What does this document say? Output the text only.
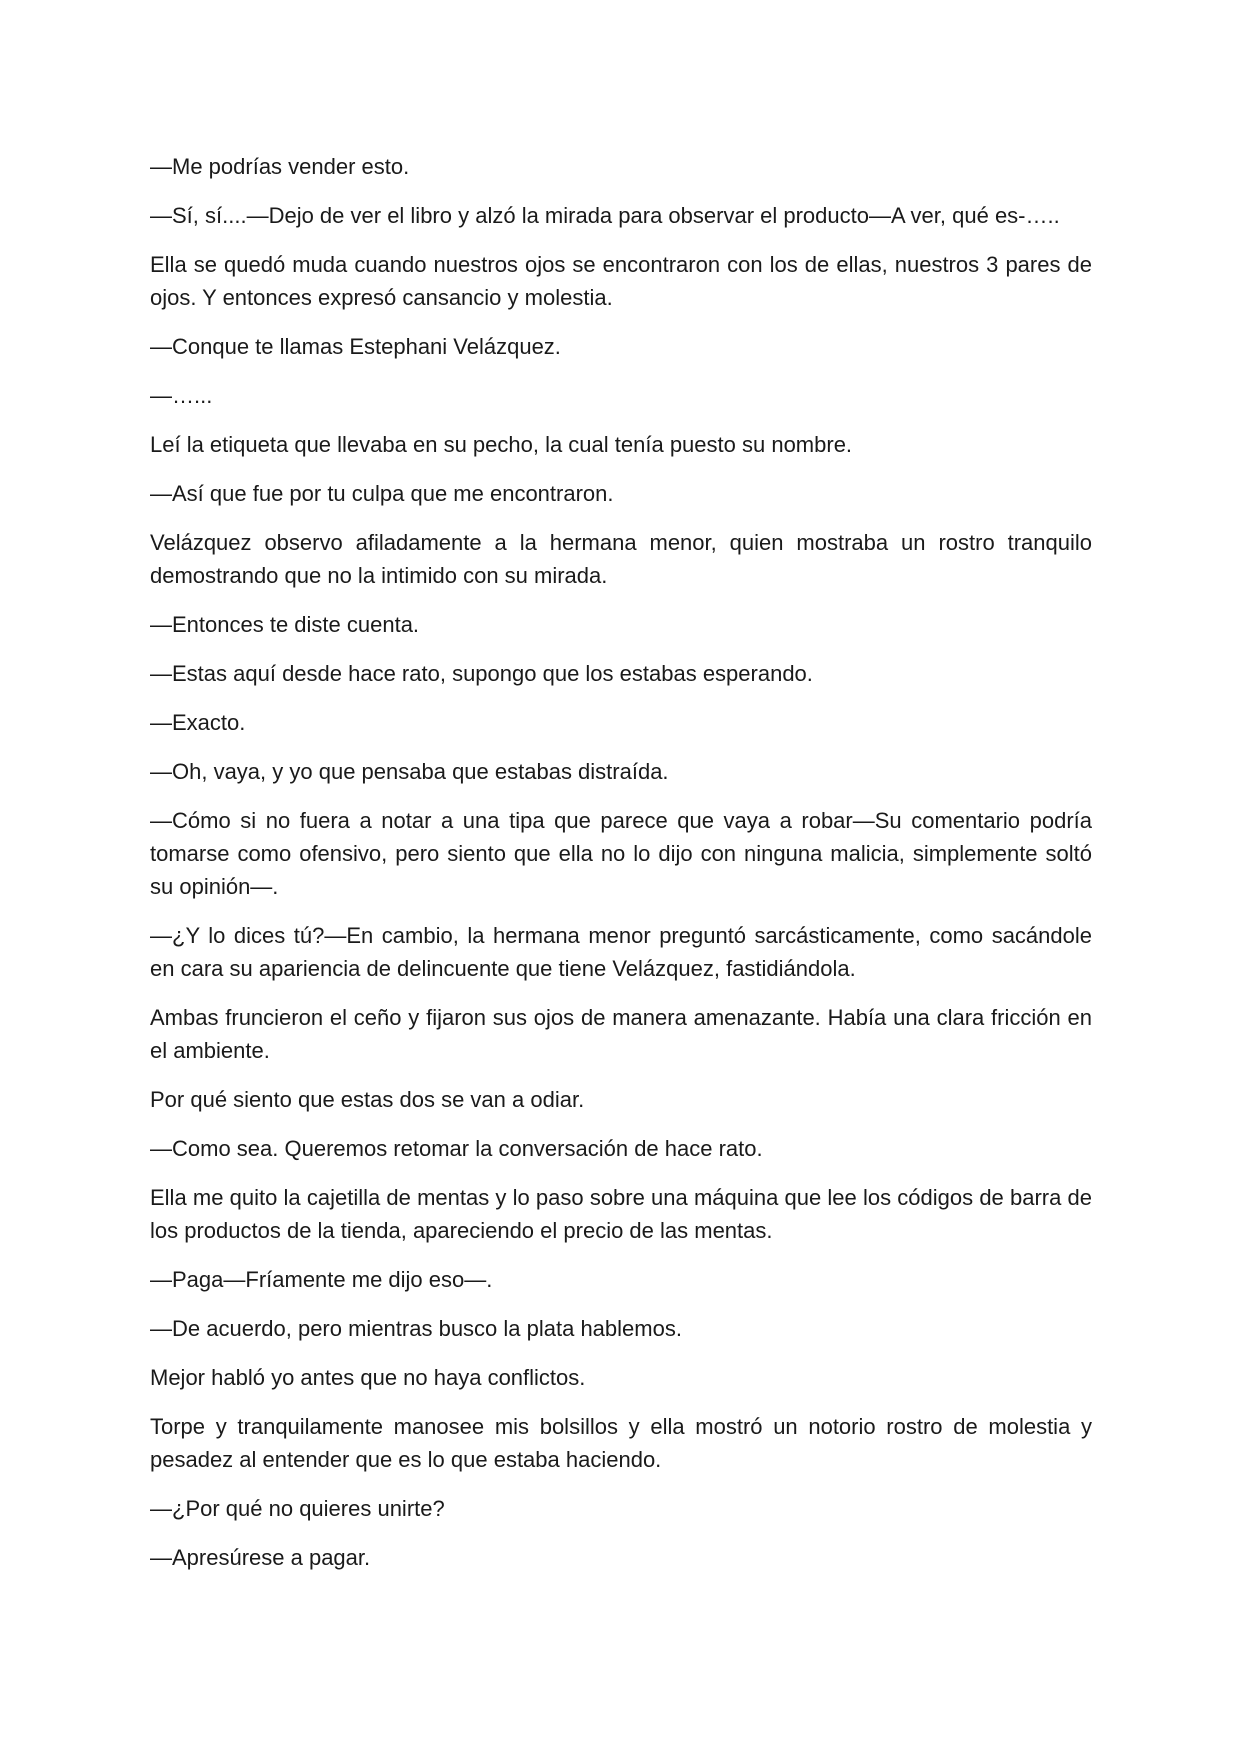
—Me podrías vender esto.

—Sí, sí....—Dejo de ver el libro y alzó la mirada para observar el producto—A ver, qué es-…..

Ella se quedó muda cuando nuestros ojos se encontraron con los de ellas, nuestros 3 pares de ojos. Y entonces expresó cansancio y molestia.

—Conque te llamas Estephani Velázquez.

—…...

Leí la etiqueta que llevaba en su pecho, la cual tenía puesto su nombre.

—Así que fue por tu culpa que me encontraron.

Velázquez observo afiladamente a la hermana menor, quien mostraba un rostro tranquilo demostrando que no la intimido con su mirada.

—Entonces te diste cuenta.

—Estas aquí desde hace rato, supongo que los estabas esperando.

—Exacto.

—Oh, vaya, y yo que pensaba que estabas distraída.

—Cómo si no fuera a notar a una tipa que parece que vaya a robar—Su comentario podría tomarse como ofensivo, pero siento que ella no lo dijo con ninguna malicia, simplemente soltó su opinión—.

—¿Y lo dices tú?—En cambio, la hermana menor preguntó sarcásticamente, como sacándole en cara su apariencia de delincuente que tiene Velázquez, fastidiándola.

Ambas fruncieron el ceño y fijaron sus ojos de manera amenazante. Había una clara fricción en el ambiente.

Por qué siento que estas dos se van a odiar.

—Como sea. Queremos retomar la conversación de hace rato.

Ella me quito la cajetilla de mentas y lo paso sobre una máquina que lee los códigos de barra de los productos de la tienda, apareciendo el precio de las mentas.

—Paga—Fríamente me dijo eso—.

—De acuerdo, pero mientras busco la plata hablemos.

Mejor habló yo antes que no haya conflictos.

Torpe y tranquilamente manosee mis bolsillos y ella mostró un notorio rostro de molestia y pesadez al entender que es lo que estaba haciendo.

—¿Por qué no quieres unirte?

—Apresúrese a pagar.
